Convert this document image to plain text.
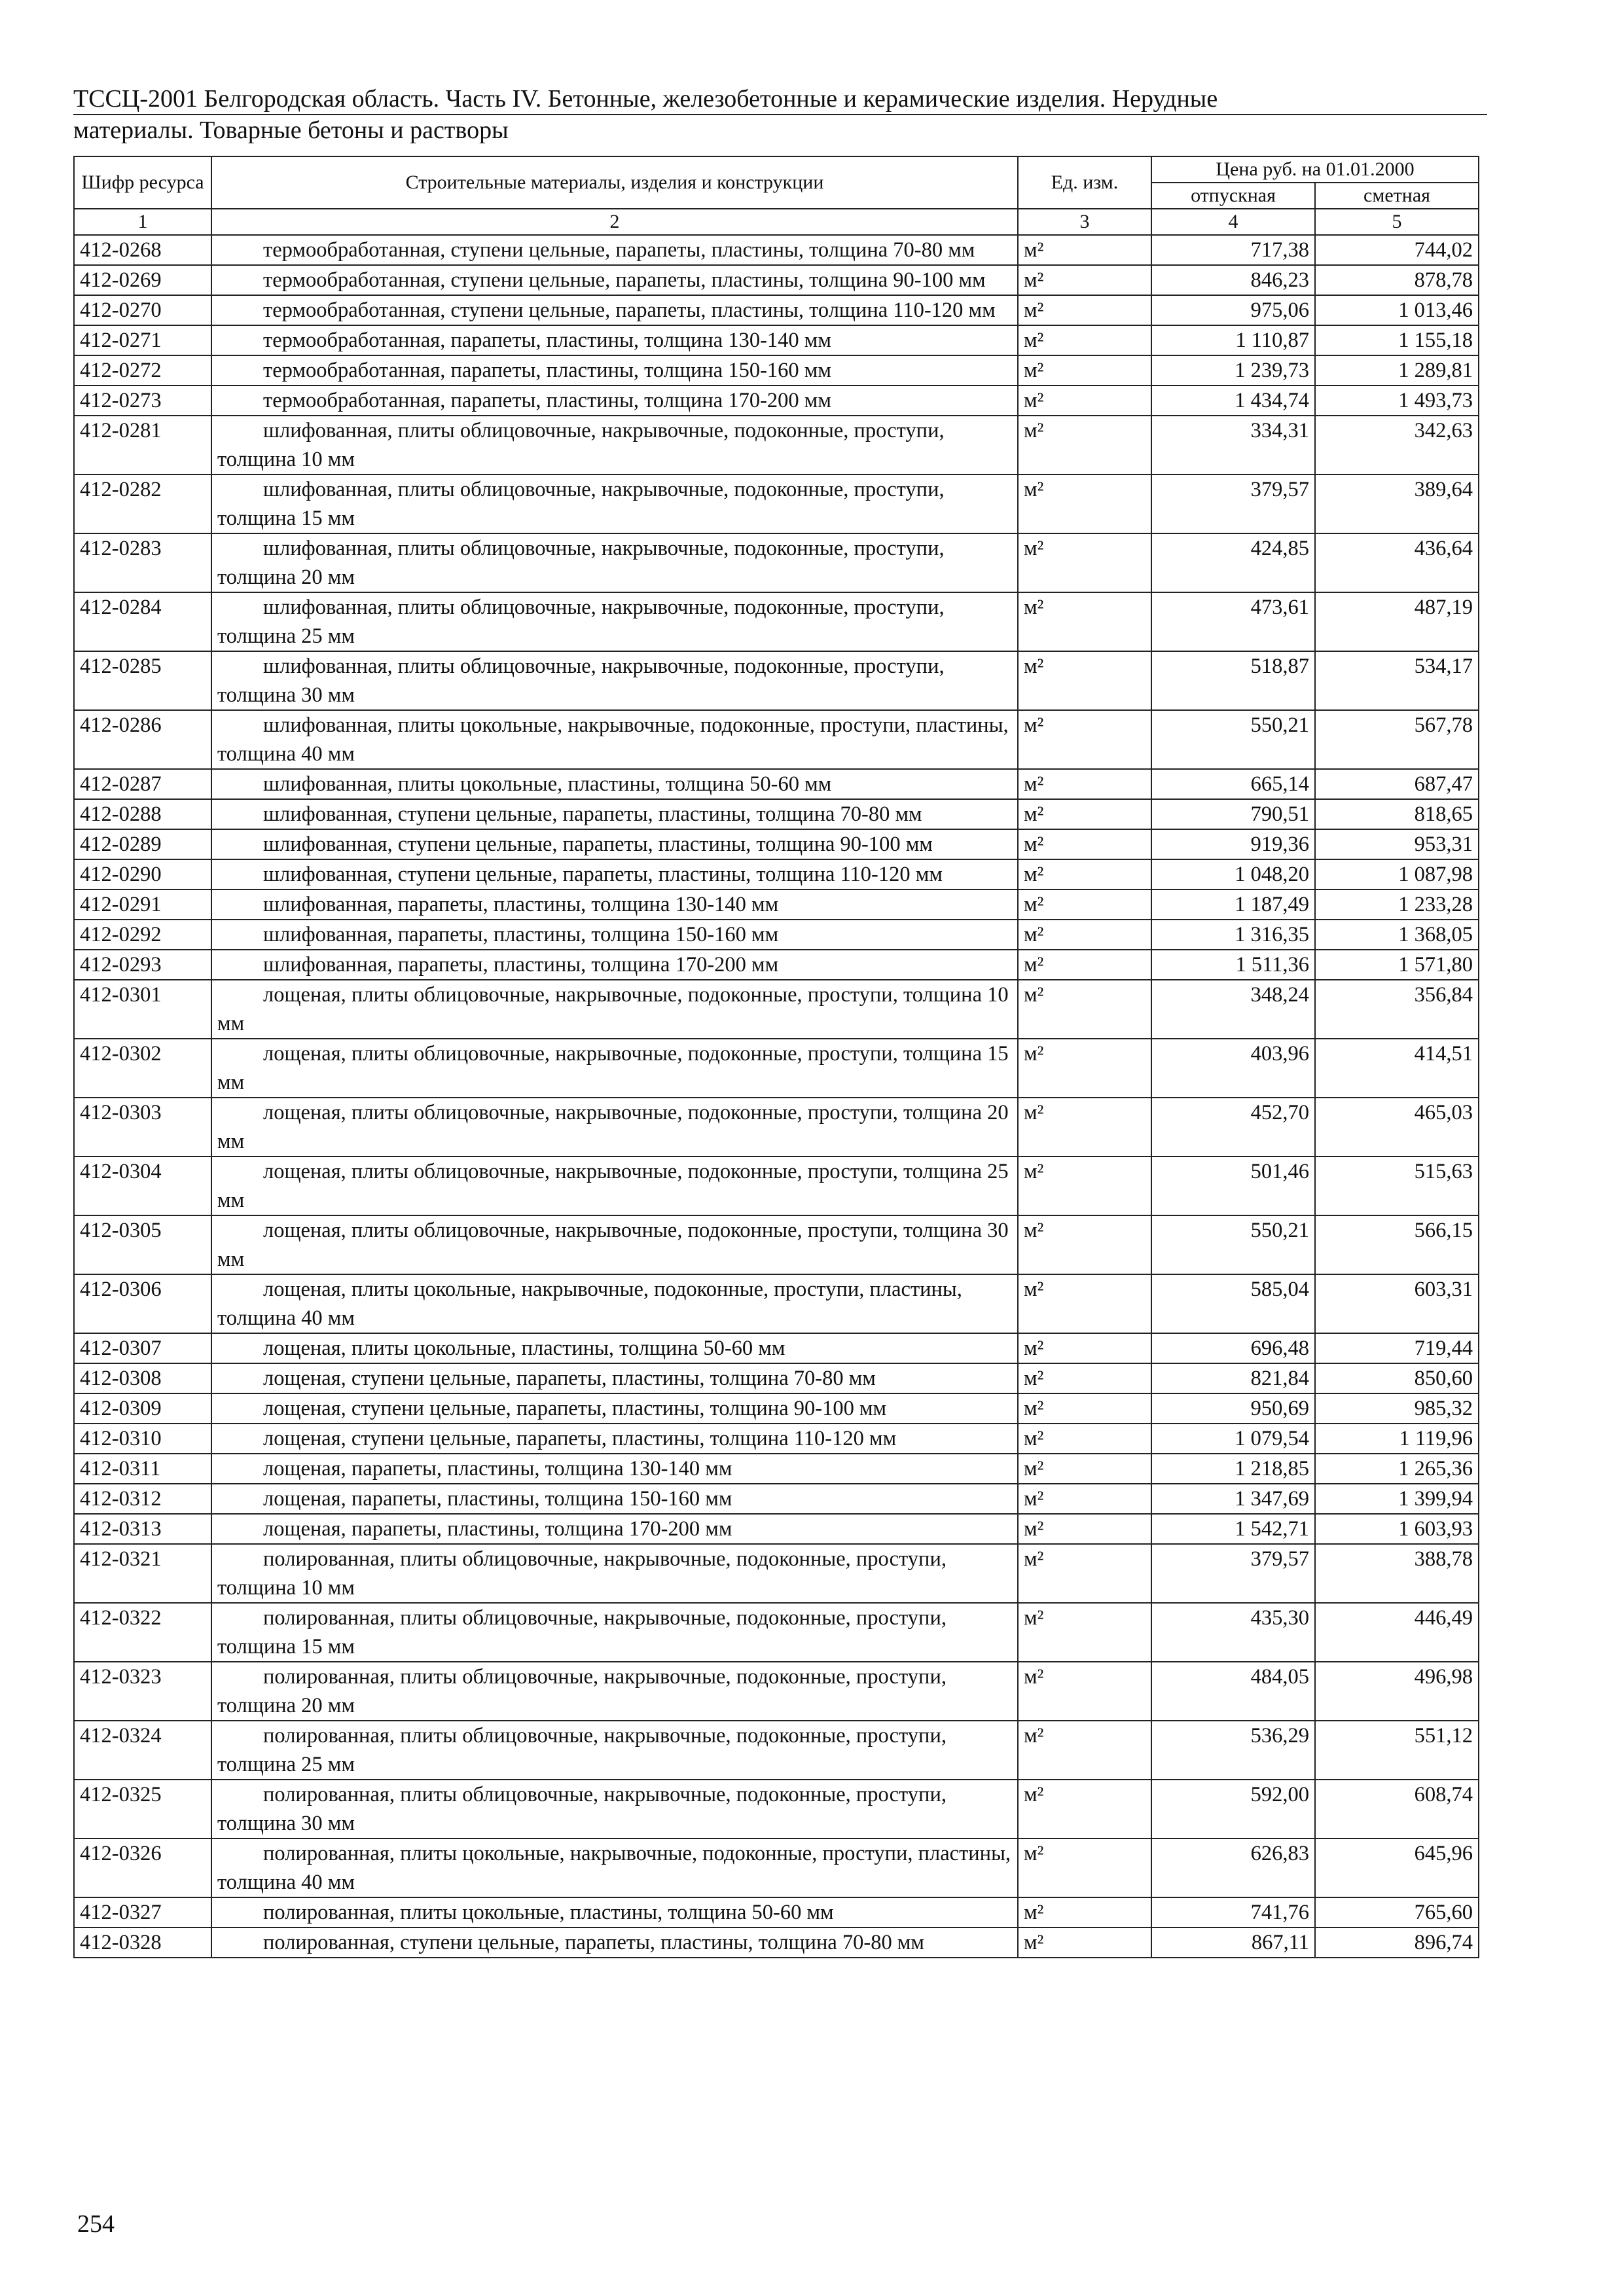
ТССЦ-2001 Белгородская область. Часть IV. Бетонные, железобетонные и керамические изделия. Нерудные
материалы. Товарные бетоны и растворы
Шифр ресурса	Строительные материалы, изделия и конструкции	Ед. изм.	Цена руб. на 01.01.2000	
			отпускная	сметная
1	2	3	4	5
412-0268	термообработанная, ступени цельные, парапеты, пластины, толщина 70-80 мм	м²	717,38	744,02
412-0269	термообработанная, ступени цельные, парапеты, пластины, толщина 90-100 мм	м²	846,23	878,78
412-0270	термообработанная, ступени цельные, парапеты, пластины, толщина 110-120 мм	м²	975,06	1 013,46
412-0271	термообработанная, парапеты, пластины, толщина 130-140 мм	м²	1 110,87	1 155,18
412-0272	термообработанная, парапеты, пластины, толщина 150-160 мм	м²	1 239,73	1 289,81
412-0273	термообработанная, парапеты, пластины, толщина 170-200 мм	м²	1 434,74	1 493,73
412-0281	шлифованная, плиты облицовочные, накрывочные, подоконные, проступи, толщина 10 мм	м²	334,31	342,63
412-0282	шлифованная, плиты облицовочные, накрывочные, подоконные, проступи, толщина 15 мм	м²	379,57	389,64
412-0283	шлифованная, плиты облицовочные, накрывочные, подоконные, проступи, толщина 20 мм	м²	424,85	436,64
412-0284	шлифованная, плиты облицовочные, накрывочные, подоконные, проступи, толщина 25 мм	м²	473,61	487,19
412-0285	шлифованная, плиты облицовочные, накрывочные, подоконные, проступи, толщина 30 мм	м²	518,87	534,17
412-0286	шлифованная, плиты цокольные, накрывочные, подоконные, проступи, пластины, толщина 40 мм	м²	550,21	567,78
412-0287	шлифованная, плиты цокольные, пластины, толщина 50-60 мм	м²	665,14	687,47
412-0288	шлифованная, ступени цельные, парапеты, пластины, толщина 70-80 мм	м²	790,51	818,65
412-0289	шлифованная, ступени цельные, парапеты, пластины, толщина 90-100 мм	м²	919,36	953,31
412-0290	шлифованная, ступени цельные, парапеты, пластины, толщина 110-120 мм	м²	1 048,20	1 087,98
412-0291	шлифованная, парапеты, пластины, толщина 130-140 мм	м²	1 187,49	1 233,28
412-0292	шлифованная, парапеты, пластины, толщина 150-160 мм	м²	1 316,35	1 368,05
412-0293	шлифованная, парапеты, пластины, толщина 170-200 мм	м²	1 511,36	1 571,80
412-0301	лощеная, плиты облицовочные, накрывочные, подоконные, проступи, толщина 10 мм	м²	348,24	356,84
412-0302	лощеная, плиты облицовочные, накрывочные, подоконные, проступи, толщина 15 мм	м²	403,96	414,51
412-0303	лощеная, плиты облицовочные, накрывочные, подоконные, проступи, толщина 20 мм	м²	452,70	465,03
412-0304	лощеная, плиты облицовочные, накрывочные, подоконные, проступи, толщина 25 мм	м²	501,46	515,63
412-0305	лощеная, плиты облицовочные, накрывочные, подоконные, проступи, толщина 30 мм	м²	550,21	566,15
412-0306	лощеная, плиты цокольные, накрывочные, подоконные, проступи, пластины, толщина 40 мм	м²	585,04	603,31
412-0307	лощеная, плиты цокольные, пластины, толщина 50-60 мм	м²	696,48	719,44
412-0308	лощеная, ступени цельные, парапеты, пластины, толщина 70-80 мм	м²	821,84	850,60
412-0309	лощеная, ступени цельные, парапеты, пластины, толщина 90-100 мм	м²	950,69	985,32
412-0310	лощеная, ступени цельные, парапеты, пластины, толщина 110-120 мм	м²	1 079,54	1 119,96
412-0311	лощеная, парапеты, пластины, толщина 130-140 мм	м²	1 218,85	1 265,36
412-0312	лощеная, парапеты, пластины, толщина 150-160 мм	м²	1 347,69	1 399,94
412-0313	лощеная, парапеты, пластины, толщина 170-200 мм	м²	1 542,71	1 603,93
412-0321	полированная, плиты облицовочные, накрывочные, подоконные, проступи, толщина 10 мм	м²	379,57	388,78
412-0322	полированная, плиты облицовочные, накрывочные, подоконные, проступи, толщина 15 мм	м²	435,30	446,49
412-0323	полированная, плиты облицовочные, накрывочные, подоконные, проступи, толщина 20 мм	м²	484,05	496,98
412-0324	полированная, плиты облицовочные, накрывочные, подоконные, проступи, толщина 25 мм	м²	536,29	551,12
412-0325	полированная, плиты облицовочные, накрывочные, подоконные, проступи, толщина 30 мм	м²	592,00	608,74
412-0326	полированная, плиты цокольные, накрывочные, подоконные, проступи, пластины, толщина 40 мм	м²	626,83	645,96
412-0327	полированная, плиты цокольные, пластины, толщина 50-60 мм	м²	741,76	765,60
412-0328	полированная, ступени цельные, парапеты, пластины, толщина 70-80 мм	м²	867,11	896,74
254
